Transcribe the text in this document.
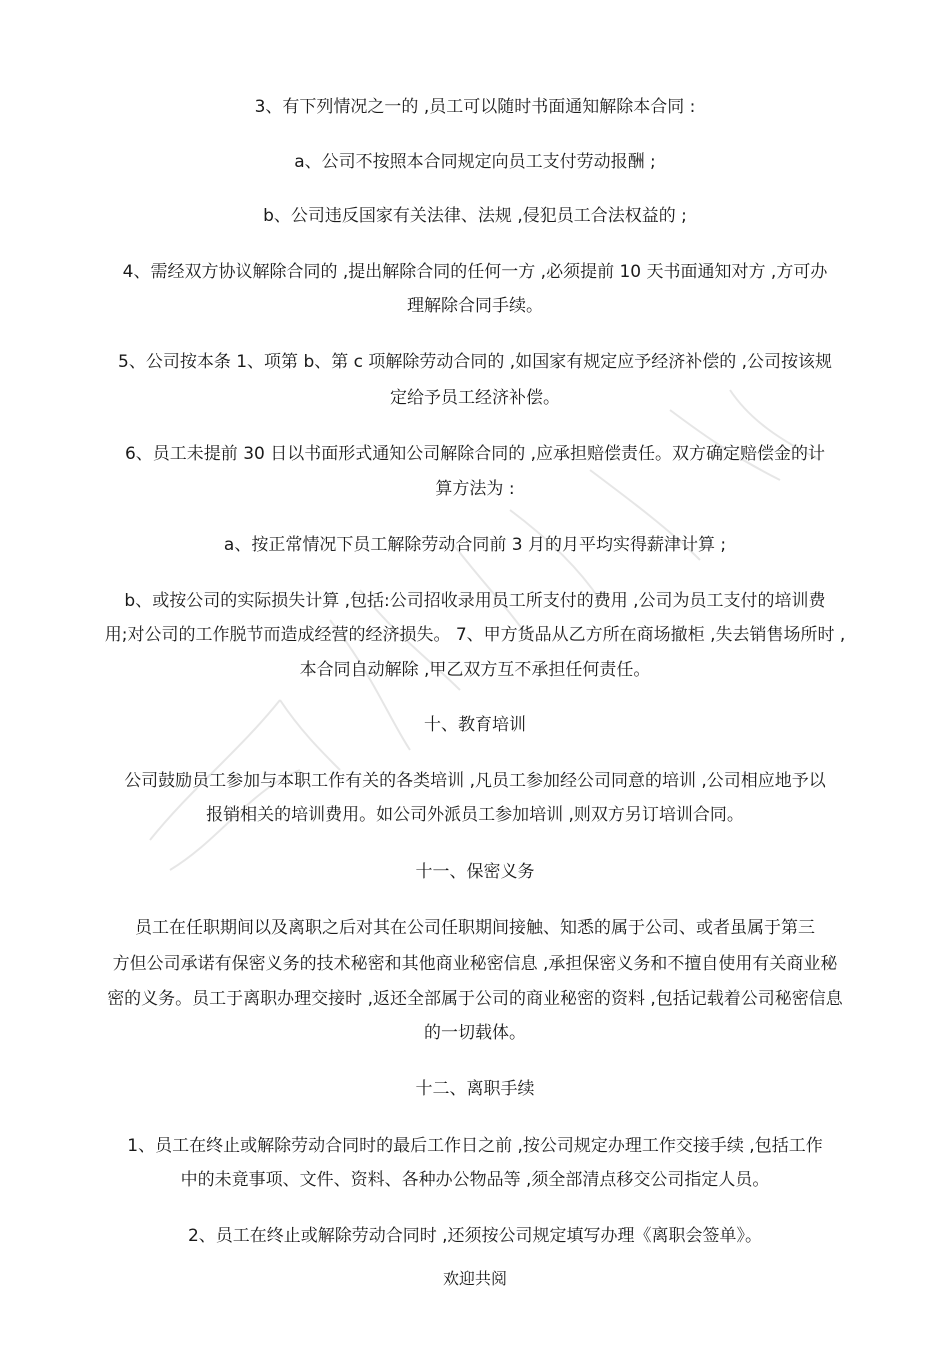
3、有下列情况之一的 ,员工可以随时书面通知解除本合同 :
a、公司不按照本合同规定向员工支付劳动报酬 ;
b、公司违反国家有关法律、法规 ,侵犯员工合法权益的 ;
4、需经双方协议解除合同的 ,提出解除合同的任何一方 ,必须提前 10 天书面通知对方 ,方可办
理解除合同手续。
5、公司按本条 1、项第 b、第 c 项解除劳动合同的 ,如国家有规定应予经济补偿的 ,公司按该规
定给予员工经济补偿。
6、员工未提前 30 日以书面形式通知公司解除合同的 ,应承担赔偿责任。双方确定赔偿金的计
算方法为 :
a、按正常情况下员工解除劳动合同前 3 月的月平均实得薪津计算 ;
b、或按公司的实际损失计算 ,包括:公司招收录用员工所支付的费用 ,公司为员工支付的培训费
用;对公司的工作脱节而造成经营的经济损失。 7、甲方货品从乙方所在商场撤柜 ,失去销售场所时 ,
本合同自动解除 ,甲乙双方互不承担任何责任。
十、教育培训
公司鼓励员工参加与本职工作有关的各类培训 ,凡员工参加经公司同意的培训 ,公司相应地予以
报销相关的培训费用。如公司外派员工参加培训 ,则双方另订培训合同。
十一、保密义务
员工在任职期间以及离职之后对其在公司任职期间接触、知悉的属于公司、或者虽属于第三
方但公司承诺有保密义务的技术秘密和其他商业秘密信息 ,承担保密义务和不擅自使用有关商业秘
密的义务。员工于离职办理交接时 ,返还全部属于公司的商业秘密的资料 ,包括记载着公司秘密信息
的一切载体。
十二、离职手续
1、员工在终止或解除劳动合同时的最后工作日之前 ,按公司规定办理工作交接手续 ,包括工作
中的未竟事项、文件、资料、各种办公物品等 ,须全部清点移交公司指定人员。
2、员工在终止或解除劳动合同时 ,还须按公司规定填写办理《离职会签单》。
欢迎共阅
